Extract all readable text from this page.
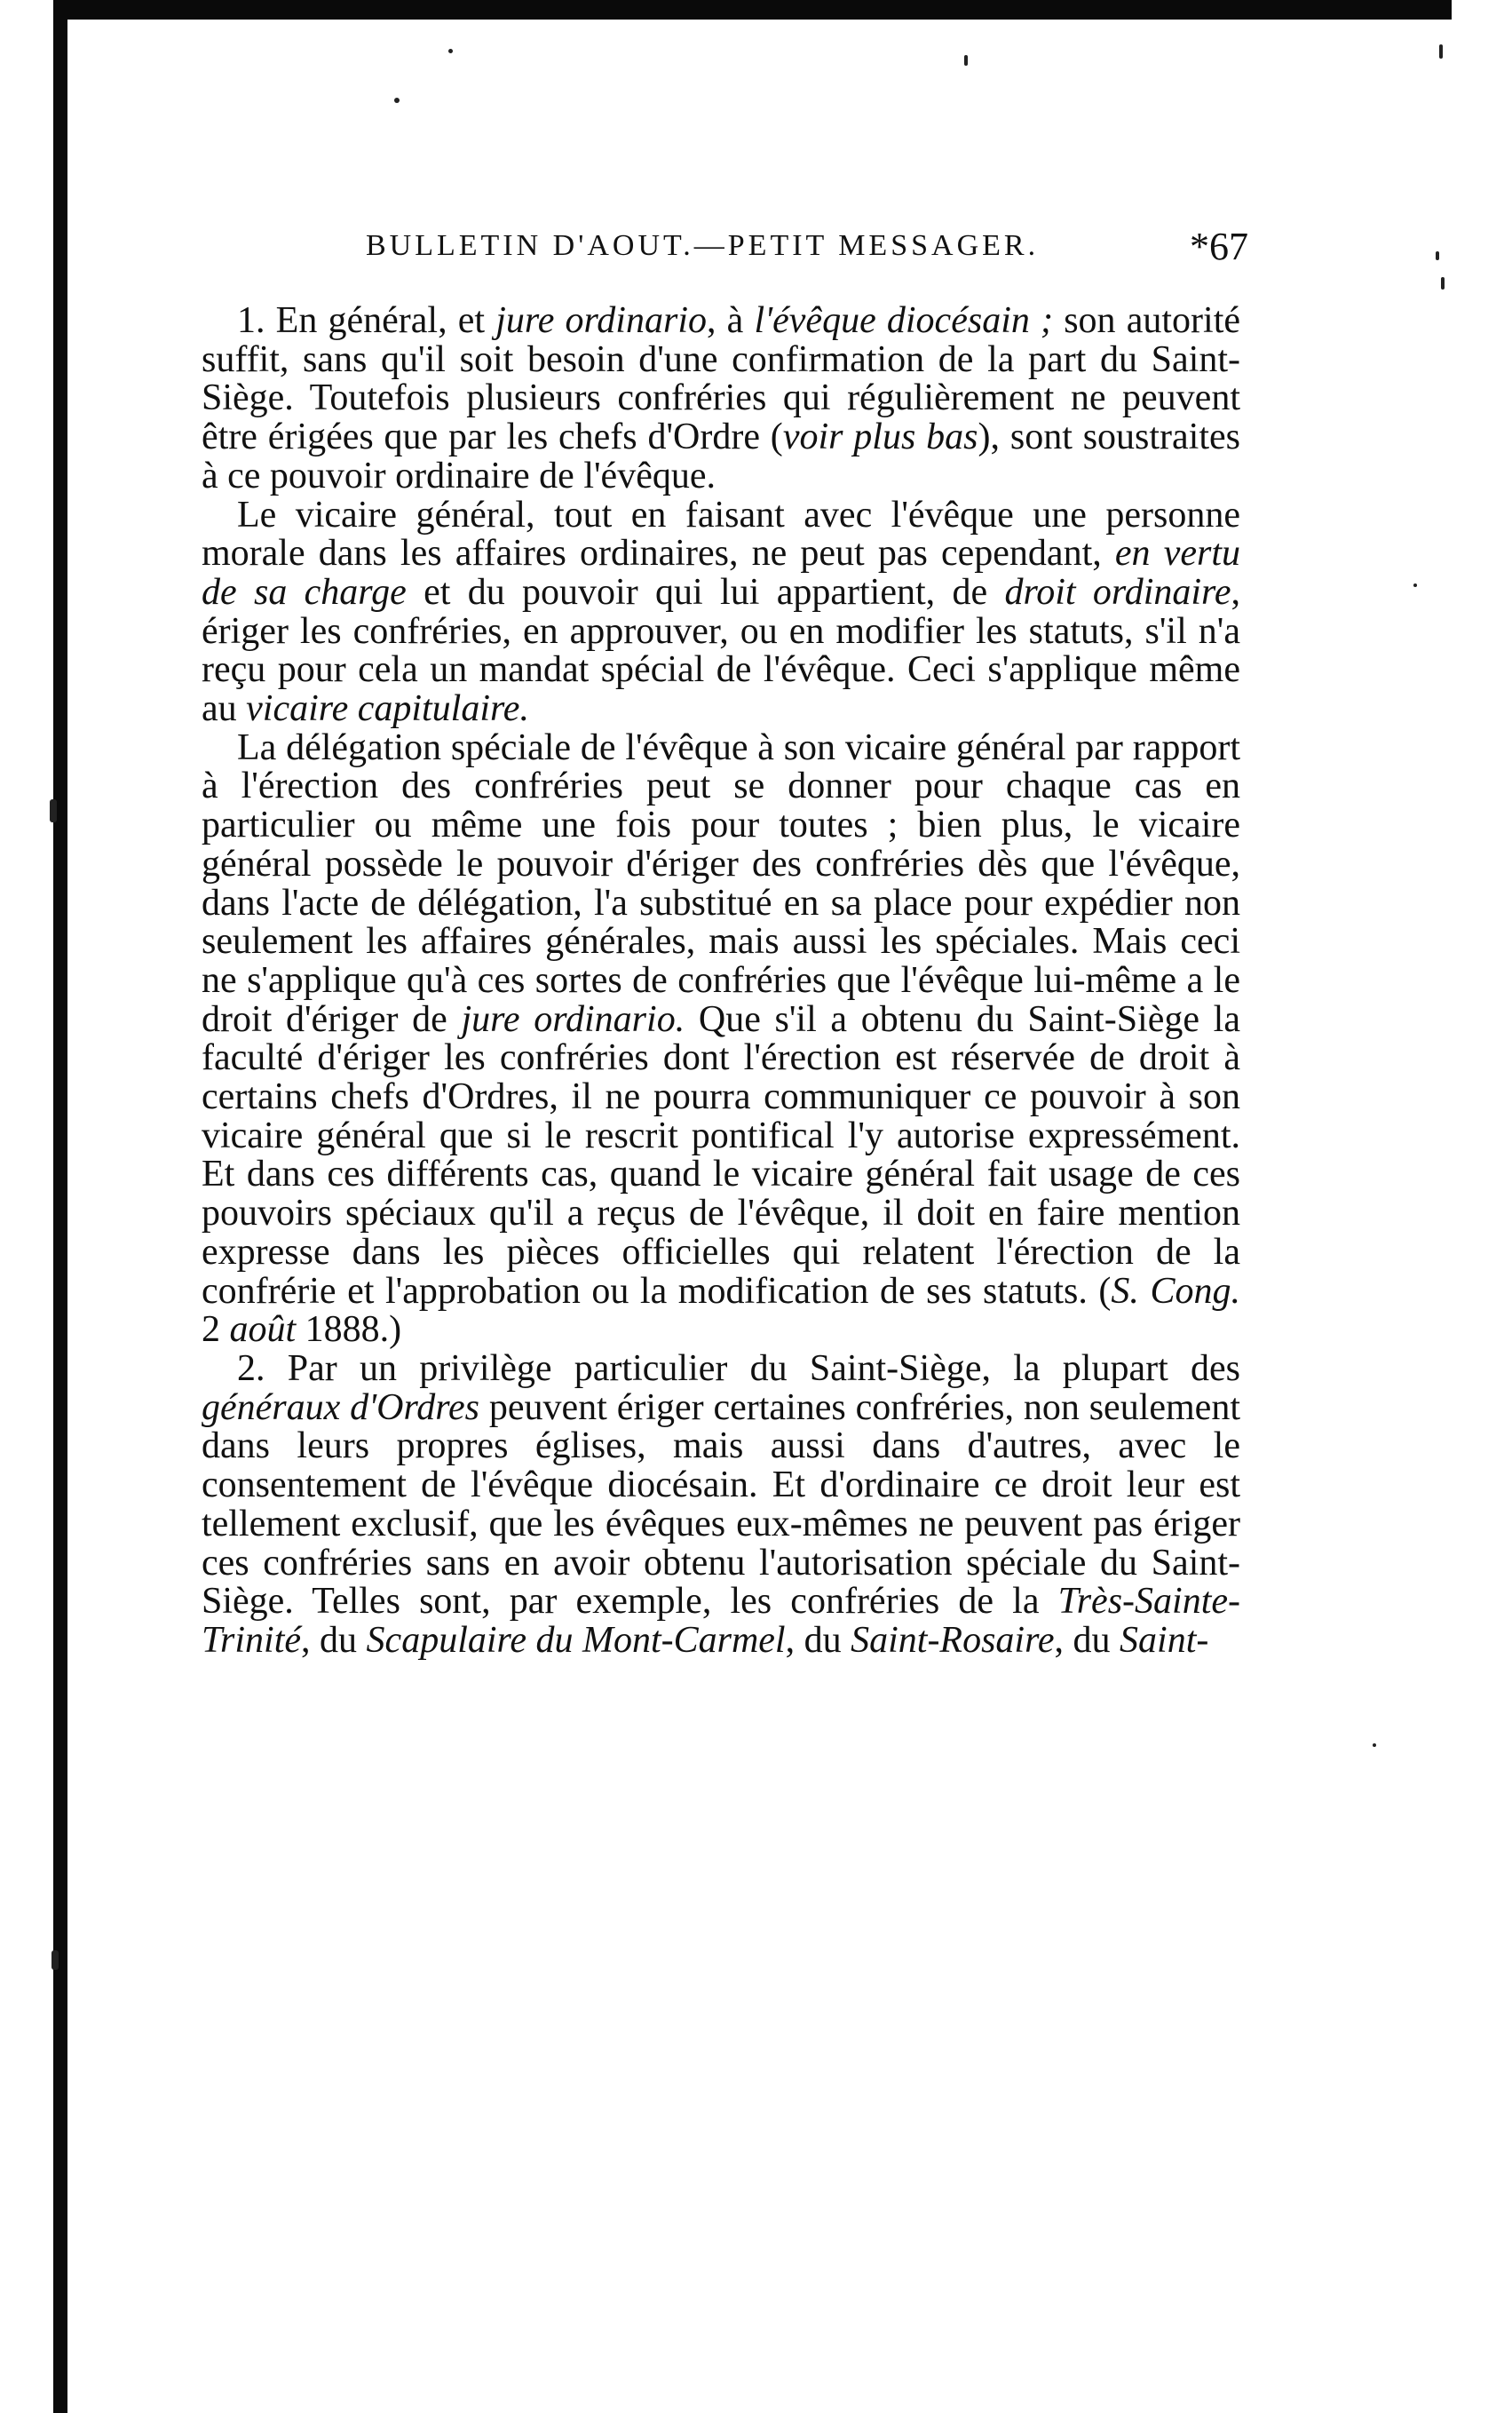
BULLETIN D'AOUT.—PETIT MESSAGER.	*67

1. En général, et jure ordinario, à l'évêque diocésain ; son autorité suffit, sans qu'il soit besoin d'une confirmation de la part du Saint-Siège. Toutefois plusieurs confréries qui régulièrement ne peuvent être érigées que par les chefs d'Ordre (voir plus bas), sont soustraites à ce pouvoir ordinaire de l'évêque.

Le vicaire général, tout en faisant avec l'évêque une personne morale dans les affaires ordinaires, ne peut pas cependant, en vertu de sa charge et du pouvoir qui lui appartient, de droit ordinaire, ériger les confréries, en approuver, ou en modifier les statuts, s'il n'a reçu pour cela un mandat spécial de l'évêque. Ceci s'applique même au vicaire capitulaire.

La délégation spéciale de l'évêque à son vicaire général par rapport à l'érection des confréries peut se donner pour chaque cas en particulier ou même une fois pour toutes ; bien plus, le vicaire général possède le pouvoir d'ériger des confréries dès que l'évêque, dans l'acte de délégation, l'a substitué en sa place pour expédier non seulement les affaires générales, mais aussi les spéciales. Mais ceci ne s'applique qu'à ces sortes de confréries que l'évêque lui-même a le droit d'ériger de jure ordinario. Que s'il a obtenu du Saint-Siège la faculté d'ériger les confréries dont l'érection est réservée de droit à certains chefs d'Ordres, il ne pourra communiquer ce pouvoir à son vicaire général que si le rescrit pontifical l'y autorise expressément. Et dans ces différents cas, quand le vicaire général fait usage de ces pouvoirs spéciaux qu'il a reçus de l'évêque, il doit en faire mention expresse dans les pièces officielles qui relatent l'érection de la confrérie et l'approbation ou la modification de ses statuts. (S. Cong. 2 août 1888.)

2. Par un privilège particulier du Saint-Siège, la plupart des généraux d'Ordres peuvent ériger certaines confréries, non seulement dans leurs propres églises, mais aussi dans d'autres, avec le consentement de l'évêque diocésain. Et d'ordinaire ce droit leur est tellement exclusif, que les évêques eux-mêmes ne peuvent pas ériger ces confréries sans en avoir obtenu l'autorisation spéciale du Saint-Siège. Telles sont, par exemple, les confréries de la Très-Sainte-Trinité, du Scapulaire du Mont-Carmel, du Saint-Rosaire, du Saint-
